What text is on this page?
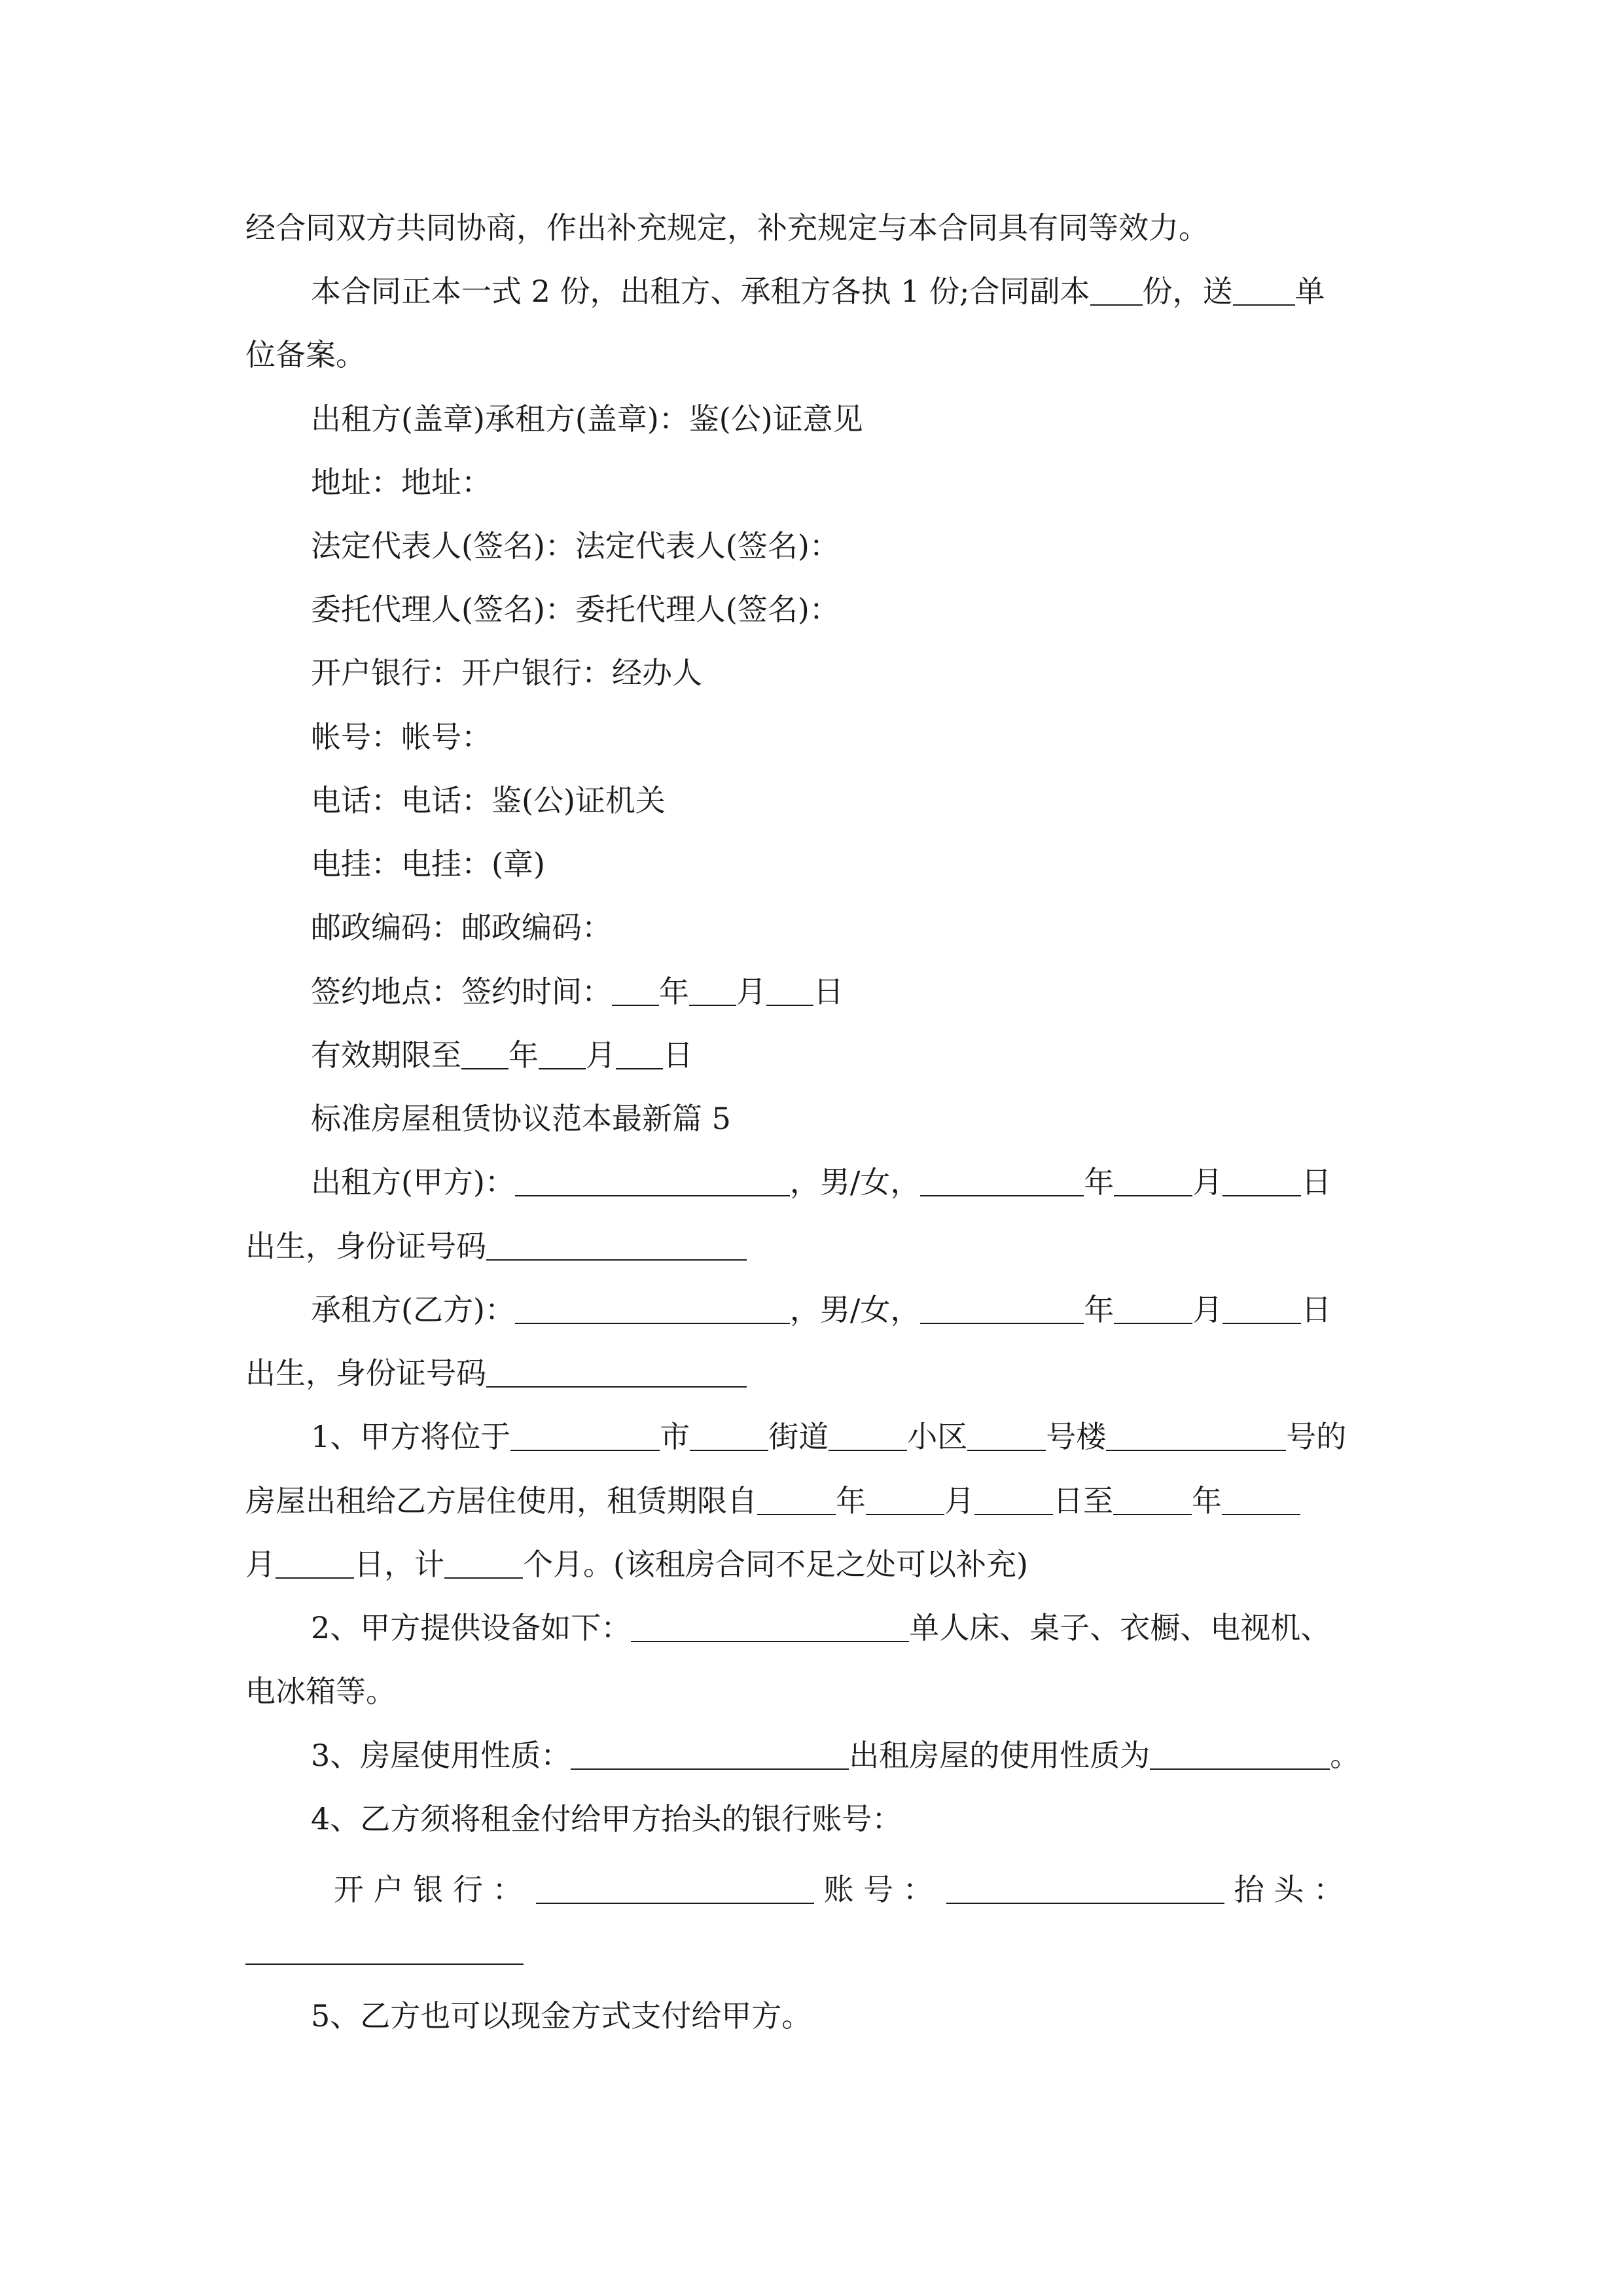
经合同双方共同协商，作出补充规定，补充规定与本合同具有同等效力。
本合同正本一式 2 份，出租方、承租方各执 1 份;合同副本 份，送 单
位备案。
出租方(盖章)承租方(盖章)：鉴(公)证意见
地址：地址：
法定代表人(签名)：法定代表人(签名)：
委托代理人(签名)：委托代理人(签名)：
开户银行：开户银行：经办人
帐号：帐号：
电话：电话：鉴(公)证机关
电挂：电挂：(章)
邮政编码：邮政编码：
签约地点：签约时间： 年 月 日
有效期限至 年 月 日
标准房屋租赁协议范本最新篇 5
出租方(甲方)：	，男/女，	年	月	日
出生，身份证号码
承租方(乙方)：	，男/女，	年	月	日
出生，身份证号码
1、甲方将位于	市	街道	小区	号楼	号的
房屋出租给乙方居住使用，租赁期限自	年	月	日至	年
月	日，计	个月。(该租房合同不足之处可以补充)
2、甲方提供设备如下：	单人床、桌子、衣橱、电视机、
电冰箱等。
3、房屋使用性质：	出租房屋的使用性质为	。
4、乙方须将租金付给甲方抬头的银行账号：
开 户 银 行 ：	账 号 ：	抬 头 ：
5、乙方也可以现金方式支付给甲方。
